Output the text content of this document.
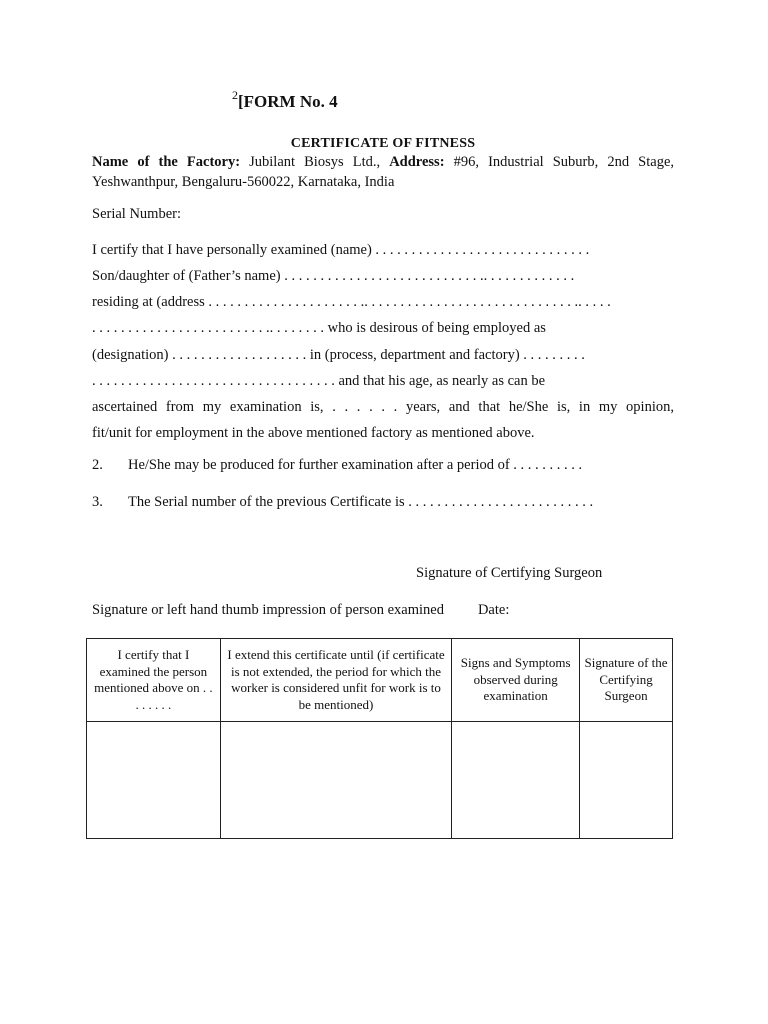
$^2$[FORM No. 4
CERTIFICATE OF FITNESS
Name of the Factory: Jubilant Biosys Ltd., Address: #96, Industrial Suburb, 2nd Stage, Yeshwanthpur, Bengaluru-560022, Karnataka, India
Serial Number:
I certify that I have personally examined (name) . . . . . . . . . . . . . . . . . . . . . . . . . . . . . .
Son/daughter of (Father’s name) . . . . . . . . . . . . . . . . . . . . . . . . . . . .. . . . . . . . . . . . .
residing at (address . . . . . . . . . . . . . . . . . . . . . .. . . . . . . . . . . . . . . . . . . . . . . . . . . . . .. . . . .
. . . . . . . . . . . . . . . . . . . . . . . . .. . . . . . . . who is desirous of being employed as
(designation) . . . . . . . . . . . . . . . . . . . in (process, department and factory) . . . . . . . . .
. . . . . . . . . . . . . . . . . . . . . . . . . . . . . . . . . . and that his age, as nearly as can be
ascertained from my examination is, . . . . . . years, and that he/She is, in my opinion,
fit/unit for employment in the above mentioned factory as mentioned above.
2. He/She may be produced for further examination after a period of . . . . . . . . . .
3. The Serial number of the previous Certificate is . . . . . . . . . . . . . . . . . . . . . . . . . .
Signature of Certifying Surgeon
Signature or left hand thumb impression of person examined Date:
I certify that I examined the person mentioned above on . . . . . . . .	I extend this certificate until (if certificate is not extended, the period for which the worker is considered unfit for work is to be mentioned)	Signs and Symptoms observed during examination	Signature of the Certifying Surgeon
